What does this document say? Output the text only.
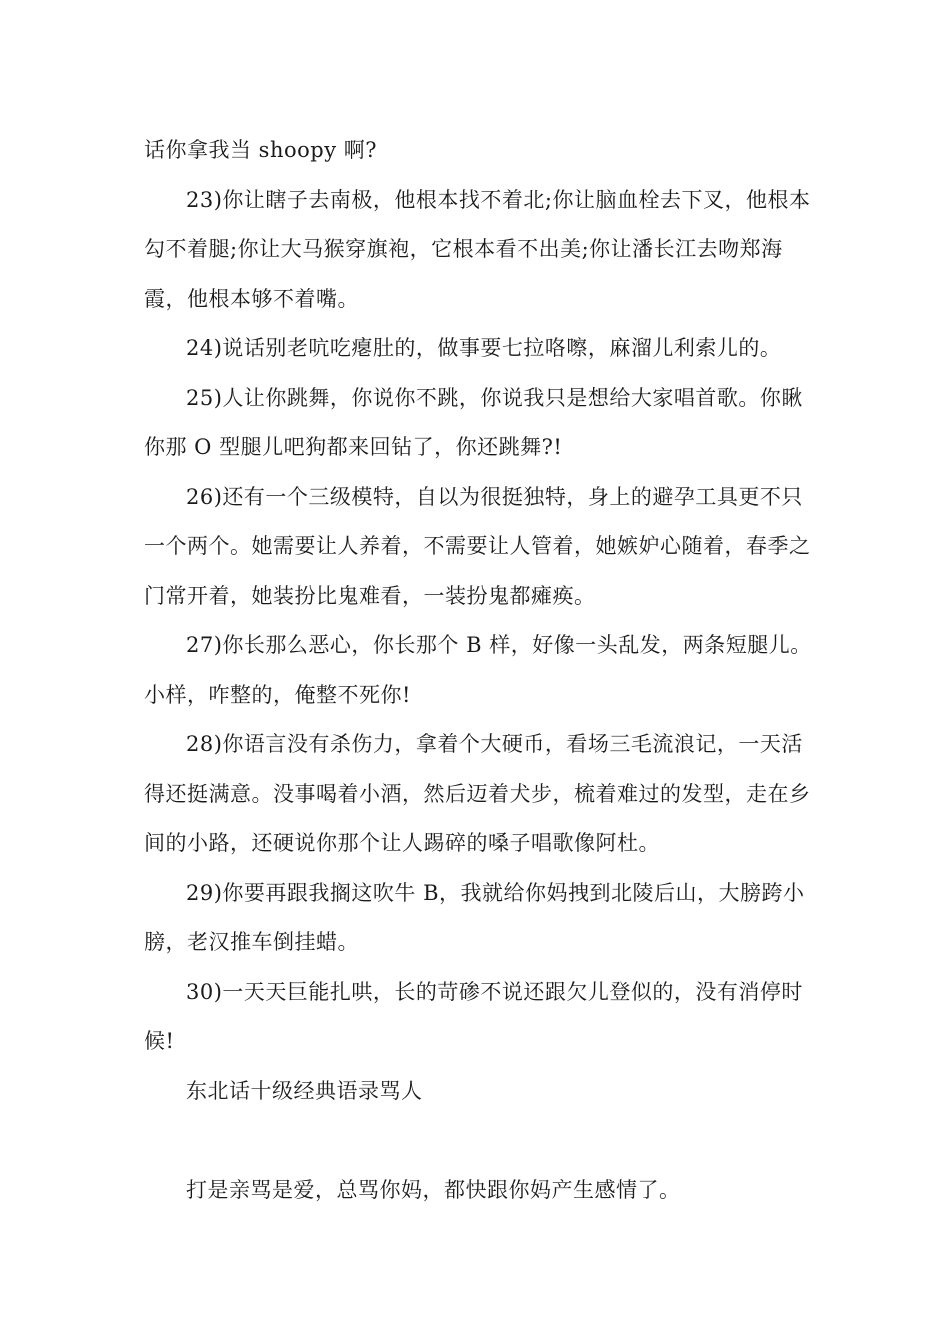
话你拿我当 shoopy 啊?

23)你让瞎子去南极，他根本找不着北;你让脑血栓去下叉，他根本勾不着腿;你让大马猴穿旗袍，它根本看不出美;你让潘长江去吻郑海霞，他根本够不着嘴。

24)说话别老吭吃瘪肚的，做事要七拉咯嚓，麻溜儿利索儿的。

25)人让你跳舞，你说你不跳，你说我只是想给大家唱首歌。你瞅你那 O 型腿儿吧狗都来回钻了，你还跳舞?!

26)还有一个三级模特，自以为很挺独特，身上的避孕工具更不只一个两个。她需要让人养着，不需要让人管着，她嫉妒心随着，春季之门常开着，她装扮比鬼难看，一装扮鬼都瘫痪。

27)你长那么恶心，你长那个 B 样，好像一头乱发，两条短腿儿。小样，咋整的，俺整不死你!

28)你语言没有杀伤力，拿着个大硬币，看场三毛流浪记，一天活得还挺满意。没事喝着小酒，然后迈着犬步，梳着难过的发型，走在乡间的小路，还硬说你那个让人踢碎的嗓子唱歌像阿杜。

29)你要再跟我搁这吹牛 B，我就给你妈拽到北陵后山，大膀跨小膀，老汉推车倒挂蜡。

30)一天天巨能扎哄，长的苛碜不说还跟欠儿登似的，没有消停时候!

东北话十级经典语录骂人

打是亲骂是爱，总骂你妈，都快跟你妈产生感情了。
